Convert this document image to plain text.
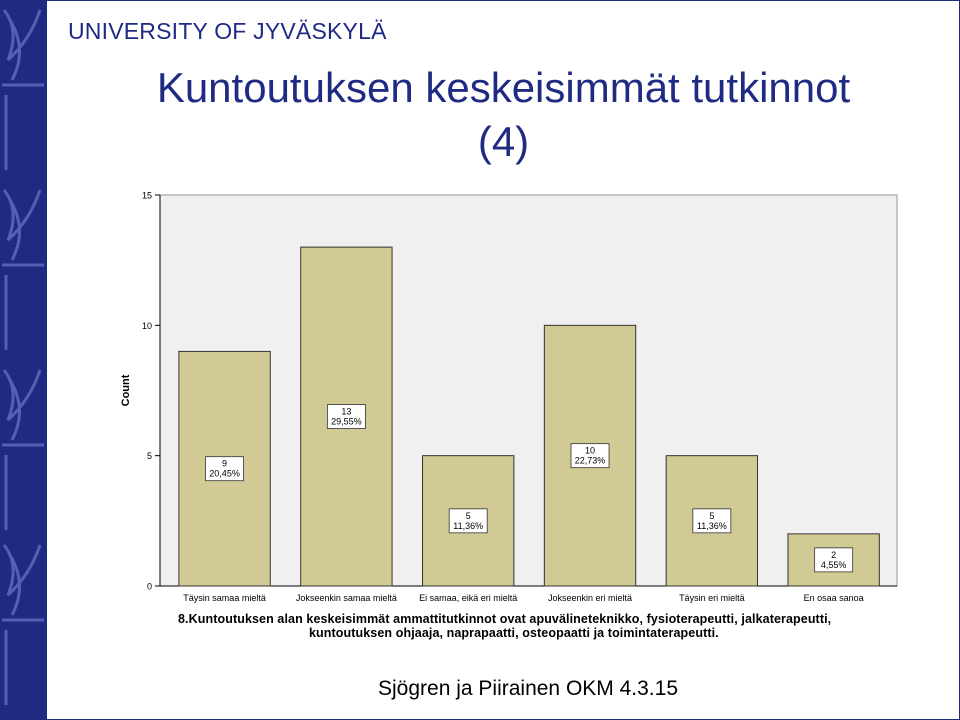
UNIVERSITY OF JYVÄSKYLÄ
Kuntoutuksen keskeisimmät tutkinnot
(4)
0
5
10
15
Count
9
20,45%
Täysin samaa mieltä
13
29,55%
Jokseenkin samaa mieltä
5
11,36%
Ei samaa, eikä eri mieltä
10
22,73%
Jokseenkin eri mieltä
5
11,36%
Täysin eri mieltä
2
4,55%
En osaa sanoa
8.Kuntoutuksen alan keskeisimmät ammattitutkinnot ovat apuvälineteknikko, fysioterapeutti, jalkaterapeutti,
kuntoutuksen ohjaaja, naprapaatti, osteopaatti ja toimintaterapeutti.
Sjögren ja Piirainen OKM 4.3.15
